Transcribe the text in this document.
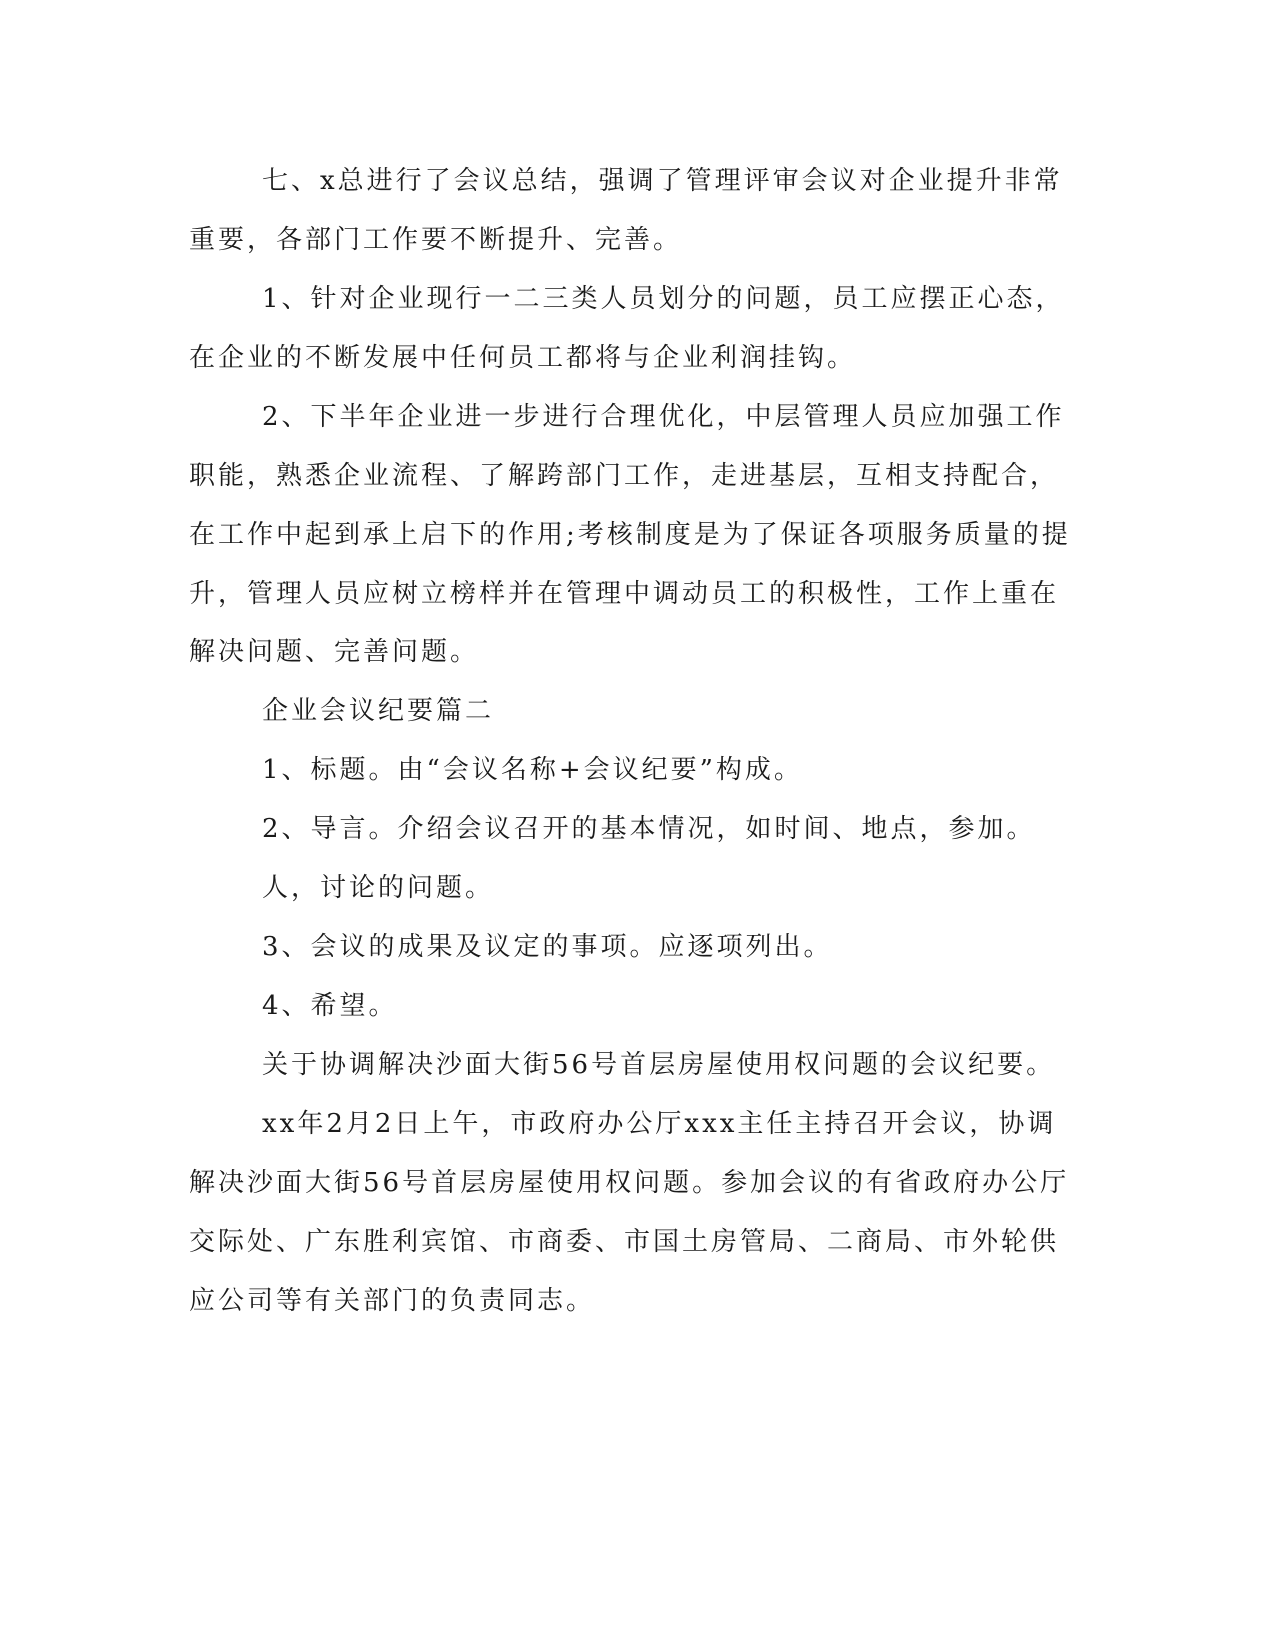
七、x总进行了会议总结，强调了管理评审会议对企业提升非常
重要，各部门工作要不断提升、完善。
1、针对企业现行一二三类人员划分的问题，员工应摆正心态，
在企业的不断发展中任何员工都将与企业利润挂钩。
2、下半年企业进一步进行合理优化，中层管理人员应加强工作
职能，熟悉企业流程、了解跨部门工作，走进基层，互相支持配合，
在工作中起到承上启下的作用;考核制度是为了保证各项服务质量的提
升，管理人员应树立榜样并在管理中调动员工的积极性，工作上重在
解决问题、完善问题。
企业会议纪要篇二
1、标题。由“会议名称+会议纪要”构成。
2、导言。介绍会议召开的基本情况，如时间、地点，参加。
人，讨论的问题。
3、会议的成果及议定的事项。应逐项列出。
4、希望。
关于协调解决沙面大街56号首层房屋使用权问题的会议纪要。
xx年2月2日上午，市政府办公厅xxx主任主持召开会议，协调
解决沙面大街56号首层房屋使用权问题。参加会议的有省政府办公厅
交际处、广东胜利宾馆、市商委、市国土房管局、二商局、市外轮供
应公司等有关部门的负责同志。
